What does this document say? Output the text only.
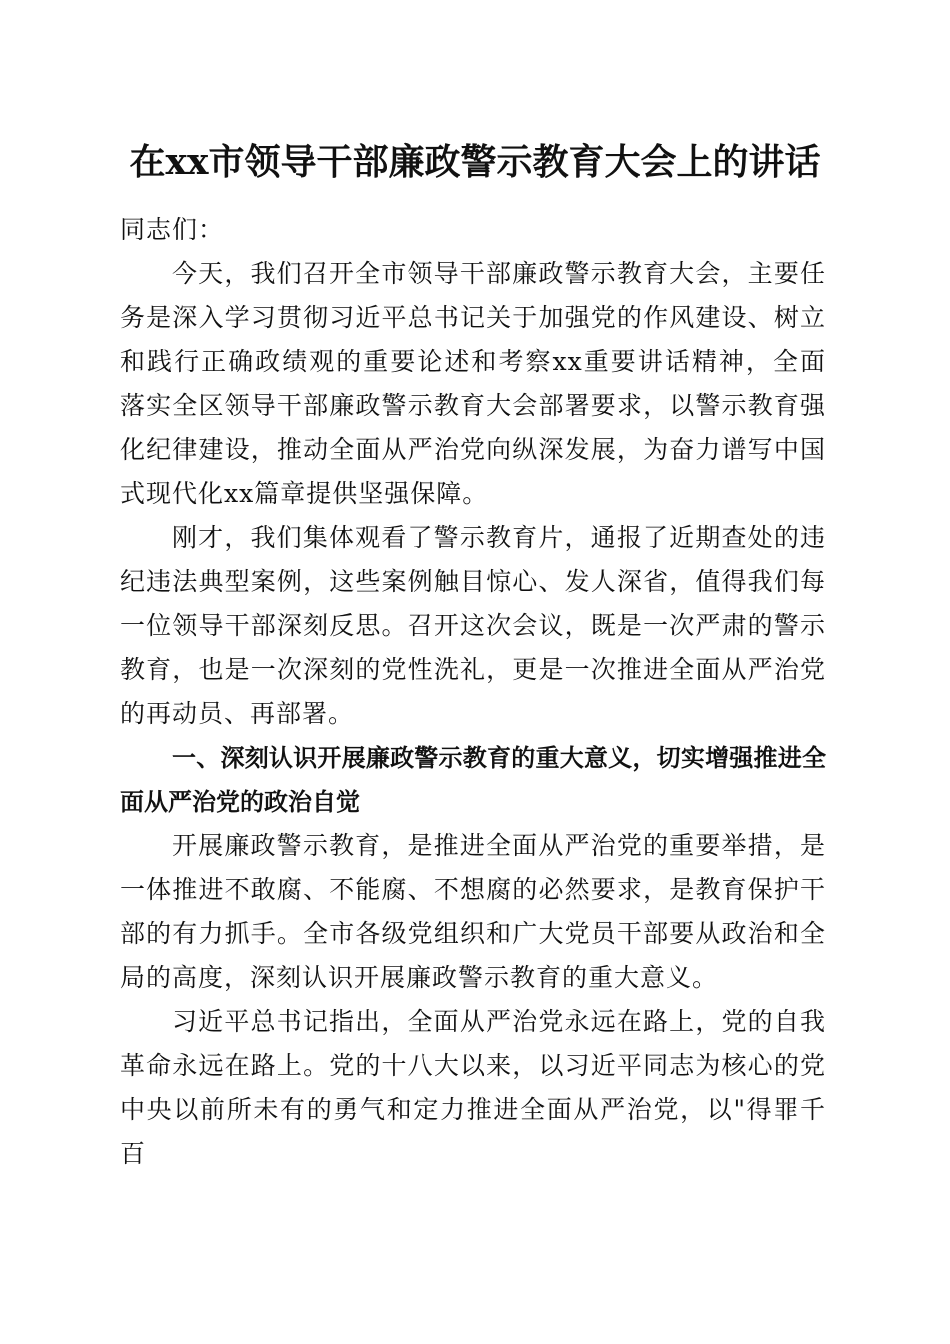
在xx市领导干部廉政警示教育大会上的讲话

同志们：

今天，我们召开全市领导干部廉政警示教育大会，主要任务是深入学习贯彻习近平总书记关于加强党的作风建设、树立和践行正确政绩观的重要论述和考察xx重要讲话精神，全面落实全区领导干部廉政警示教育大会部署要求，以警示教育强化纪律建设，推动全面从严治党向纵深发展，为奋力谱写中国式现代化xx篇章提供坚强保障。

刚才，我们集体观看了警示教育片，通报了近期查处的违纪违法典型案例，这些案例触目惊心、发人深省，值得我们每一位领导干部深刻反思。召开这次会议，既是一次严肃的警示教育，也是一次深刻的党性洗礼，更是一次推进全面从严治党的再动员、再部署。

一、深刻认识开展廉政警示教育的重大意义，切实增强推进全面从严治党的政治自觉

开展廉政警示教育，是推进全面从严治党的重要举措，是一体推进不敢腐、不能腐、不想腐的必然要求，是教育保护干部的有力抓手。全市各级党组织和广大党员干部要从政治和全局的高度，深刻认识开展廉政警示教育的重大意义。

习近平总书记指出，全面从严治党永远在路上，党的自我革命永远在路上。党的十八大以来，以习近平同志为核心的党中央以前所未有的勇气和定力推进全面从严治党，以"得罪千百
